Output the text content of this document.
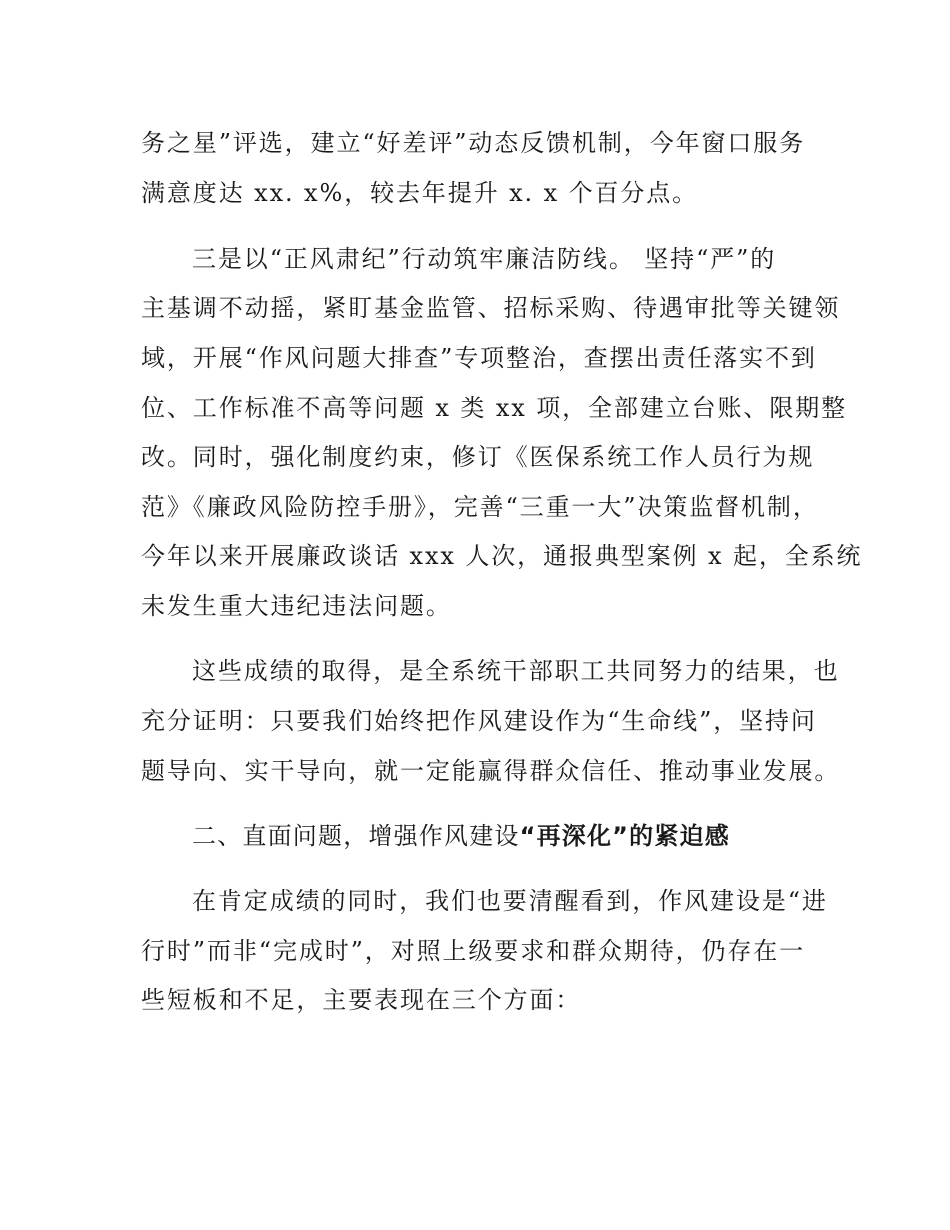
务之星”评选，建立“好差评”动态反馈机制，今年窗口服务
满意度达 xx. x%，较去年提升 x. x 个百分点。
三是以“正风肃纪”行动筑牢廉洁防线。 坚持“严”的
主基调不动摇，紧盯基金监管、招标采购、待遇审批等关键领
域，开展“作风问题大排查”专项整治，查摆出责任落实不到
位、工作标准不高等问题 x 类 xx 项，全部建立台账、限期整
改。同时，强化制度约束，修订《医保系统工作人员行为规
范》《廉政风险防控手册》，完善“三重一大”决策监督机制，
今年以来开展廉政谈话 xxx 人次，通报典型案例 x 起，全系统
未发生重大违纪违法问题。
这些成绩的取得，是全系统干部职工共同努力的结果，也
充分证明：只要我们始终把作风建设作为“生命线”，坚持问
题导向、实干导向，就一定能赢得群众信任、推动事业发展。
二、直面问题，增强作风建设“再深化”的紧迫感
在肯定成绩的同时，我们也要清醒看到，作风建设是“进
行时”而非“完成时”，对照上级要求和群众期待，仍存在一
些短板和不足，主要表现在三个方面：
